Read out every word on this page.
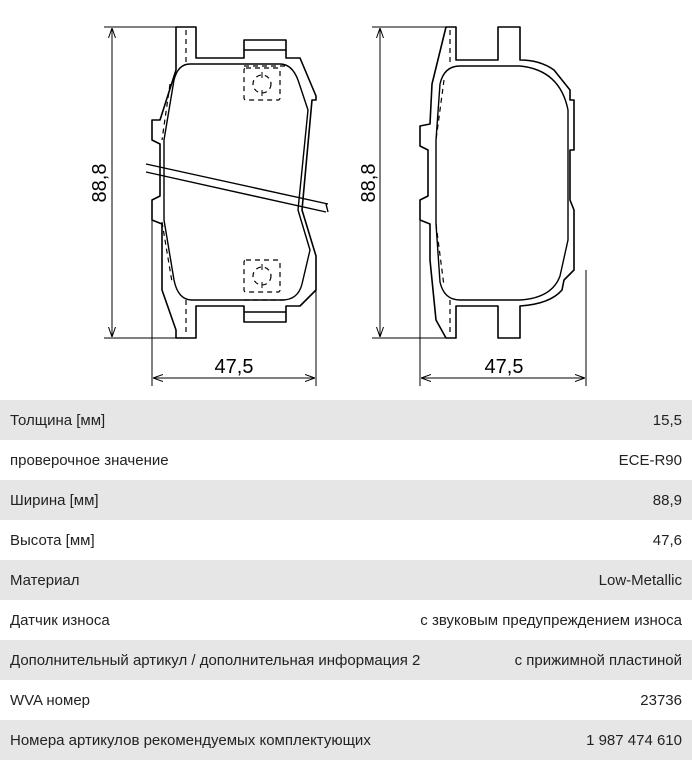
88,8
47,5
88,8
47,5
Толщина [мм]	15,5
проверочное значение	ECE-R90
Ширина [мм]	88,9
Высота [мм]	47,6
Материал	Low-Metallic
Датчик износа	с звуковым предупреждением износа
Дополнительный артикул / дополнительная информация 2	с прижимной пластиной
WVA номер	23736
Номера артикулов рекомендуемых комплектующих	1 987 474 610
